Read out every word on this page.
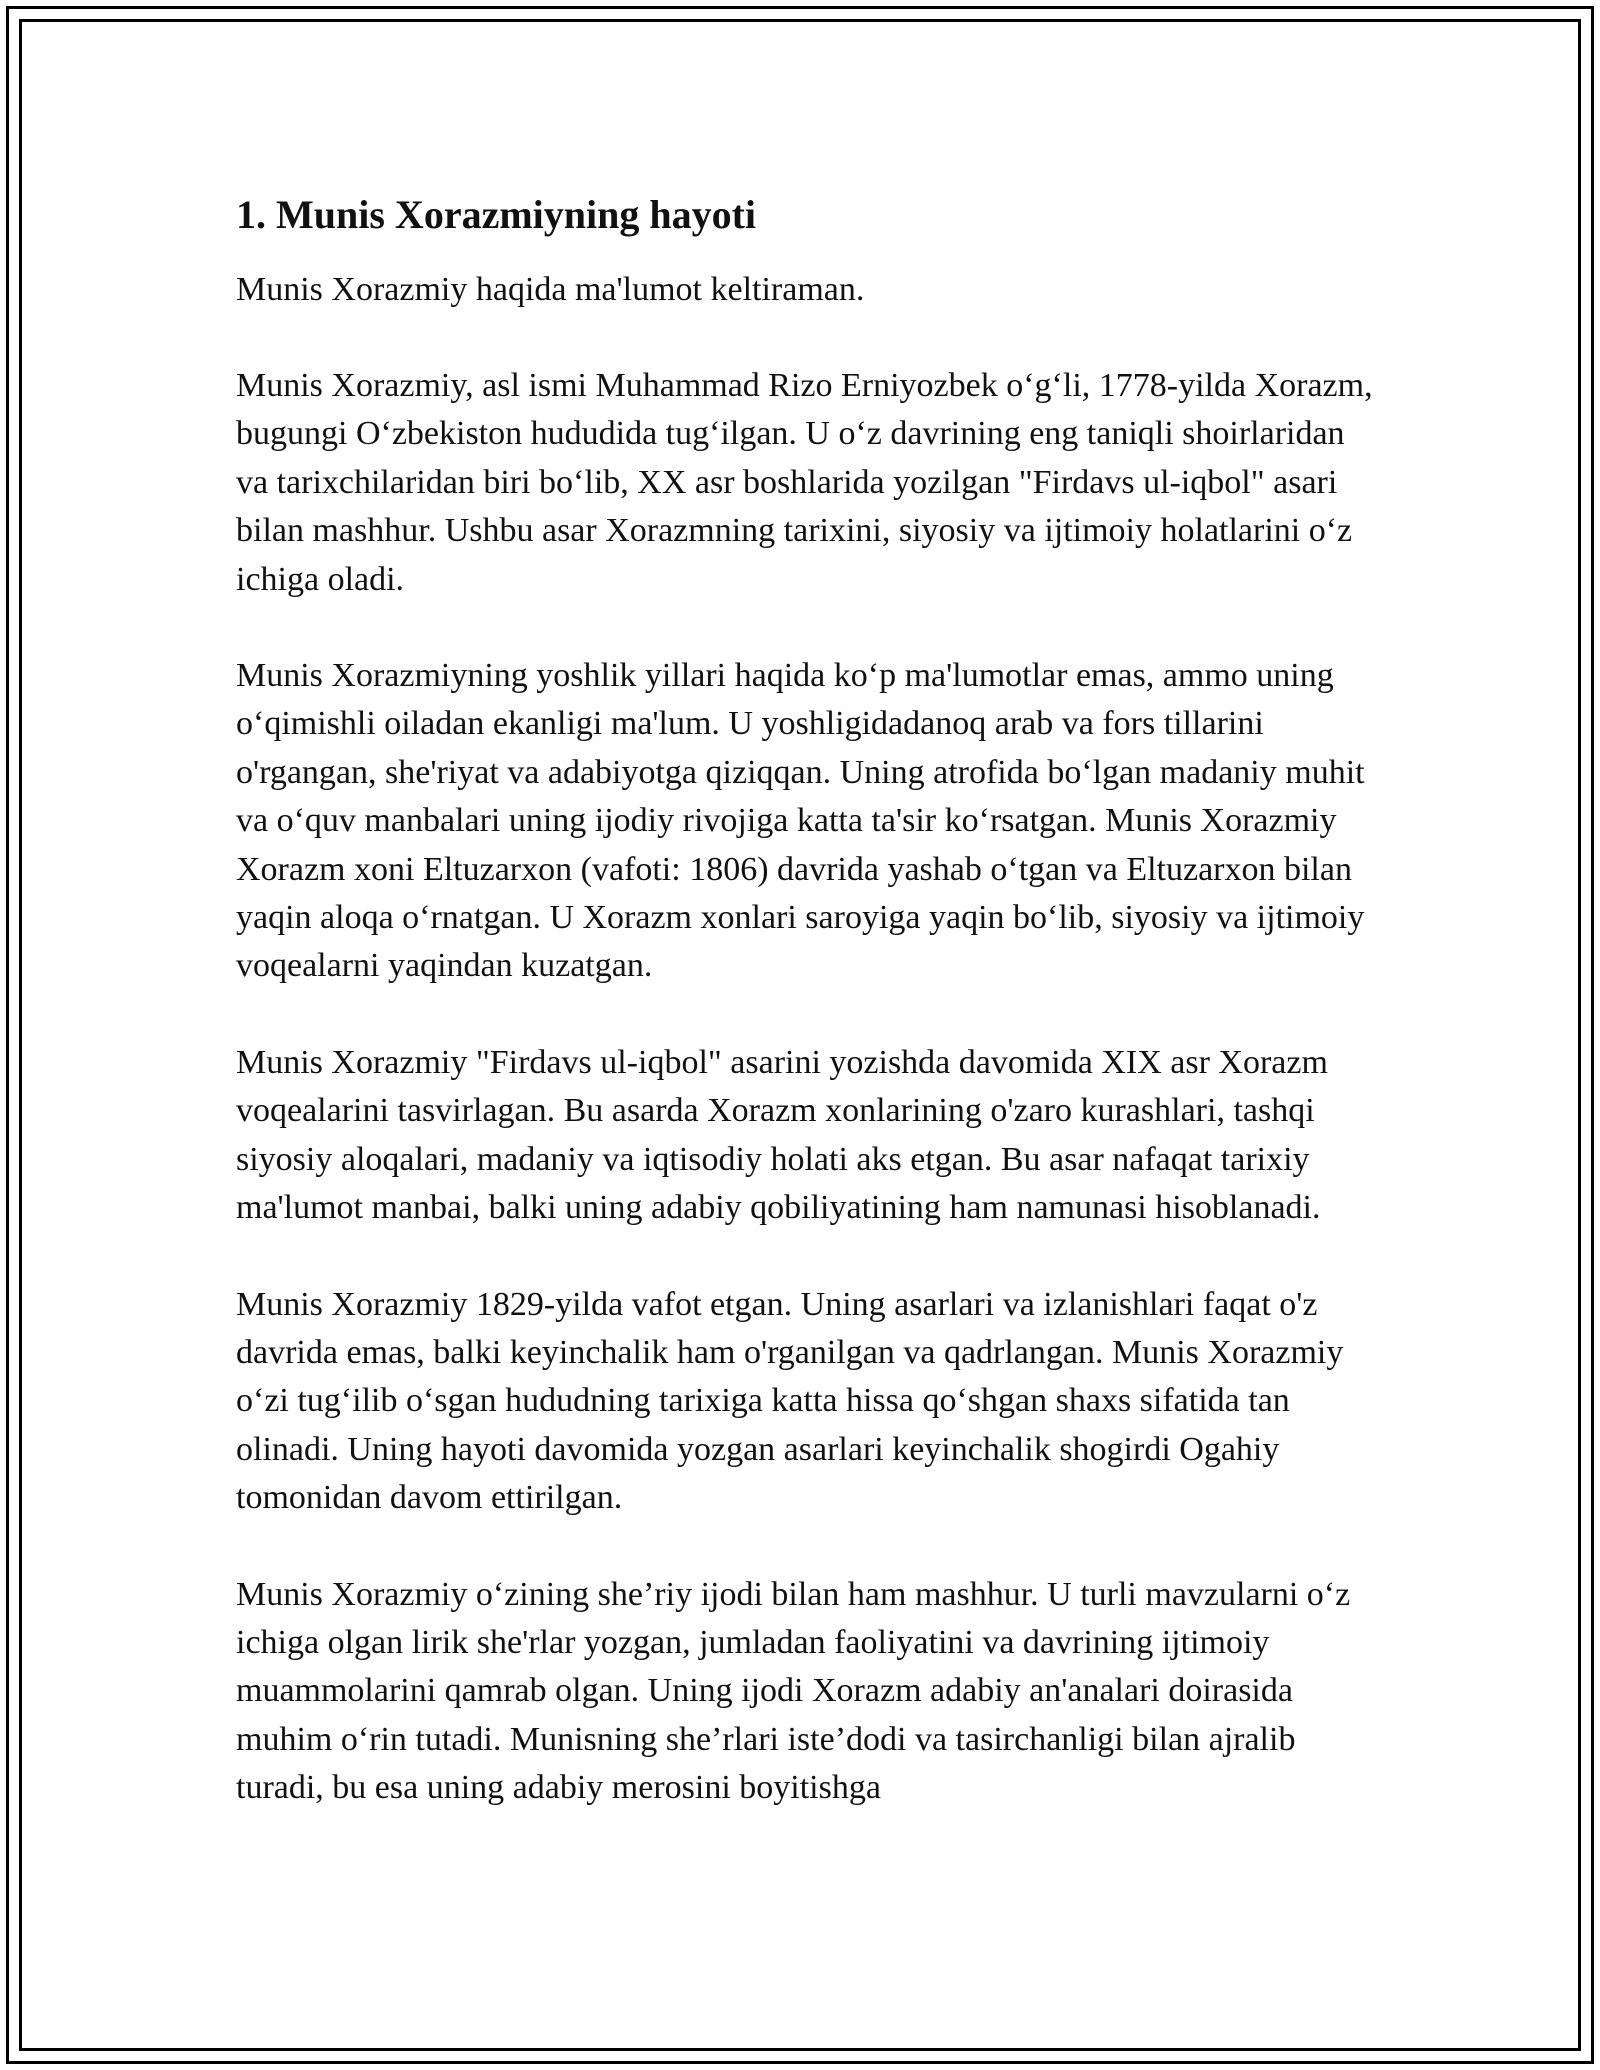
1. Munis Xorazmiyning hayoti

Munis Xorazmiy haqida ma'lumot keltiraman.

Munis Xorazmiy, asl ismi Muhammad Rizo Erniyozbek o‘g‘li, 1778-yilda Xorazm, bugungi O‘zbekiston hududida tug‘ilgan. U o‘z davrining eng taniqli shoirlaridan va tarixchilaridan biri bo‘lib, XX asr boshlarida yozilgan "Firdavs ul-iqbol" asari bilan mashhur. Ushbu asar Xorazmning tarixini, siyosiy va ijtimoiy holatlarini o‘z ichiga oladi.

Munis Xorazmiyning yoshlik yillari haqida ko‘p ma'lumotlar emas, ammo uning o‘qimishli oiladan ekanligi ma'lum. U yoshligidadanoq arab va fors tillarini o'rgangan, she'riyat va adabiyotga qiziqqan. Uning atrofida bo‘lgan madaniy muhit va o‘quv manbalari uning ijodiy rivojiga katta ta'sir ko‘rsatgan. Munis Xorazmiy Xorazm xoni Eltuzarxon (vafoti: 1806) davrida yashab o‘tgan va Eltuzarxon bilan yaqin aloqa o‘rnatgan. U Xorazm xonlari saroyiga yaqin bo‘lib, siyosiy va ijtimoiy voqealarni yaqindan kuzatgan.

Munis Xorazmiy "Firdavs ul-iqbol" asarini yozishda davomida XIX asr Xorazm voqealarini tasvirlagan. Bu asarda Xorazm xonlarining o'zaro kurashlari, tashqi siyosiy aloqalari, madaniy va iqtisodiy holati aks etgan. Bu asar nafaqat tarixiy ma'lumot manbai, balki uning adabiy qobiliyatining ham namunasi hisoblanadi.

Munis Xorazmiy 1829-yilda vafot etgan. Uning asarlari va izlanishlari faqat o'z davrida emas, balki keyinchalik ham o'rganilgan va qadrlangan. Munis Xorazmiy o‘zi tug‘ilib o‘sgan hududning tarixiga katta hissa qo‘shgan shaxs sifatida tan olinadi. Uning hayoti davomida yozgan asarlari keyinchalik shogirdi Ogahiy tomonidan davom ettirilgan.

Munis Xorazmiy o‘zining she’riy ijodi bilan ham mashhur. U turli mavzularni o‘z ichiga olgan lirik she'rlar yozgan, jumladan faoliyatini va davrining ijtimoiy muammolarini qamrab olgan. Uning ijodi Xorazm adabiy an'analari doirasida muhim o‘rin tutadi. Munisning she’rlari iste’dodi va tasirchanligi bilan ajralib turadi, bu esa uning adabiy merosini boyitishga
